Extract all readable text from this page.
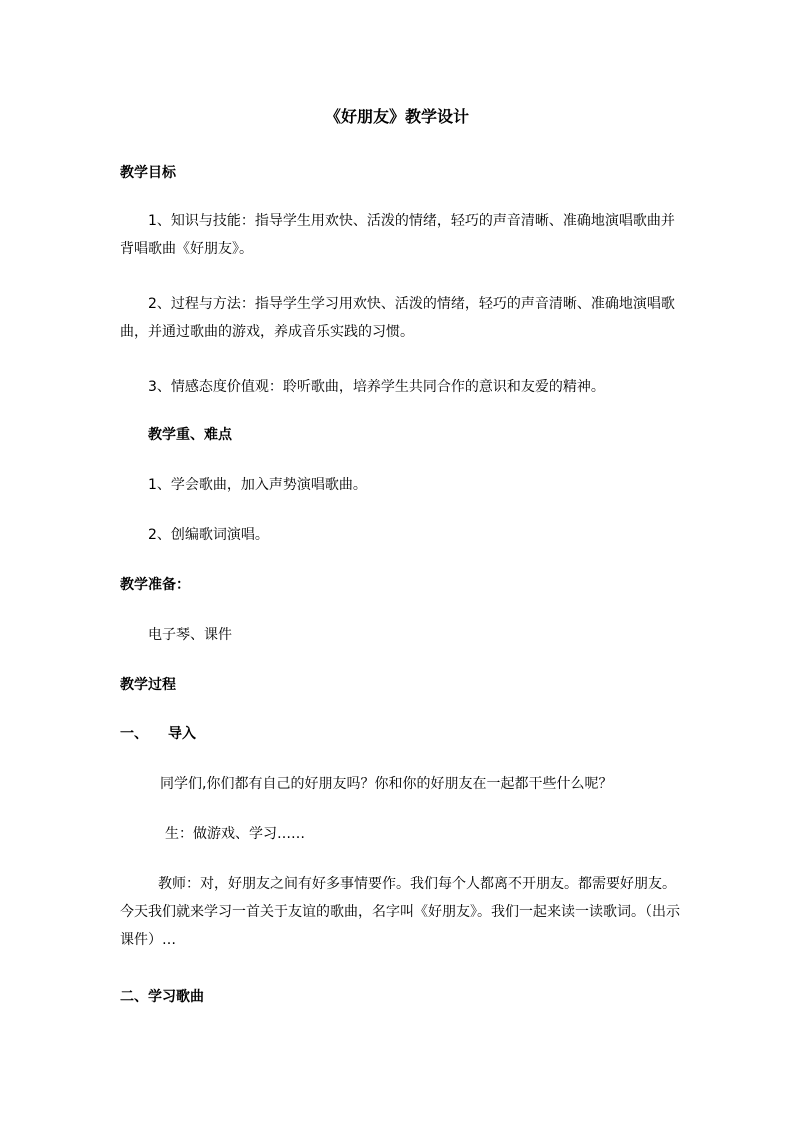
《好朋友》教学设计
教学目标

1、知识与技能：指导学生用欢快、活泼的情绪，轻巧的声音清晰、准确地演唱歌曲并背唱歌曲《好朋友》。

2、过程与方法：指导学生学习用欢快、活泼的情绪，轻巧的声音清晰、准确地演唱歌曲，并通过歌曲的游戏，养成音乐实践的习惯。

3、情感态度价值观：聆听歌曲，培养学生共同合作的意识和友爱的精神。

教学重、难点
1、学会歌曲，加入声势演唱歌曲。
2、创编歌词演唱。
教学准备：
电子琴、课件
教学过程
一、 导入
同学们,你们都有自己的好朋友吗？你和你的好朋友在一起都干些什么呢？
生：做游戏、学习……

教师：对，好朋友之间有好多事情要作。我们每个人都离不开朋友。都需要好朋友。今天我们就来学习一首关于友谊的歌曲，名字叫《好朋友》。我们一起来读一读歌词。（出示课件）…

二、学习歌曲
